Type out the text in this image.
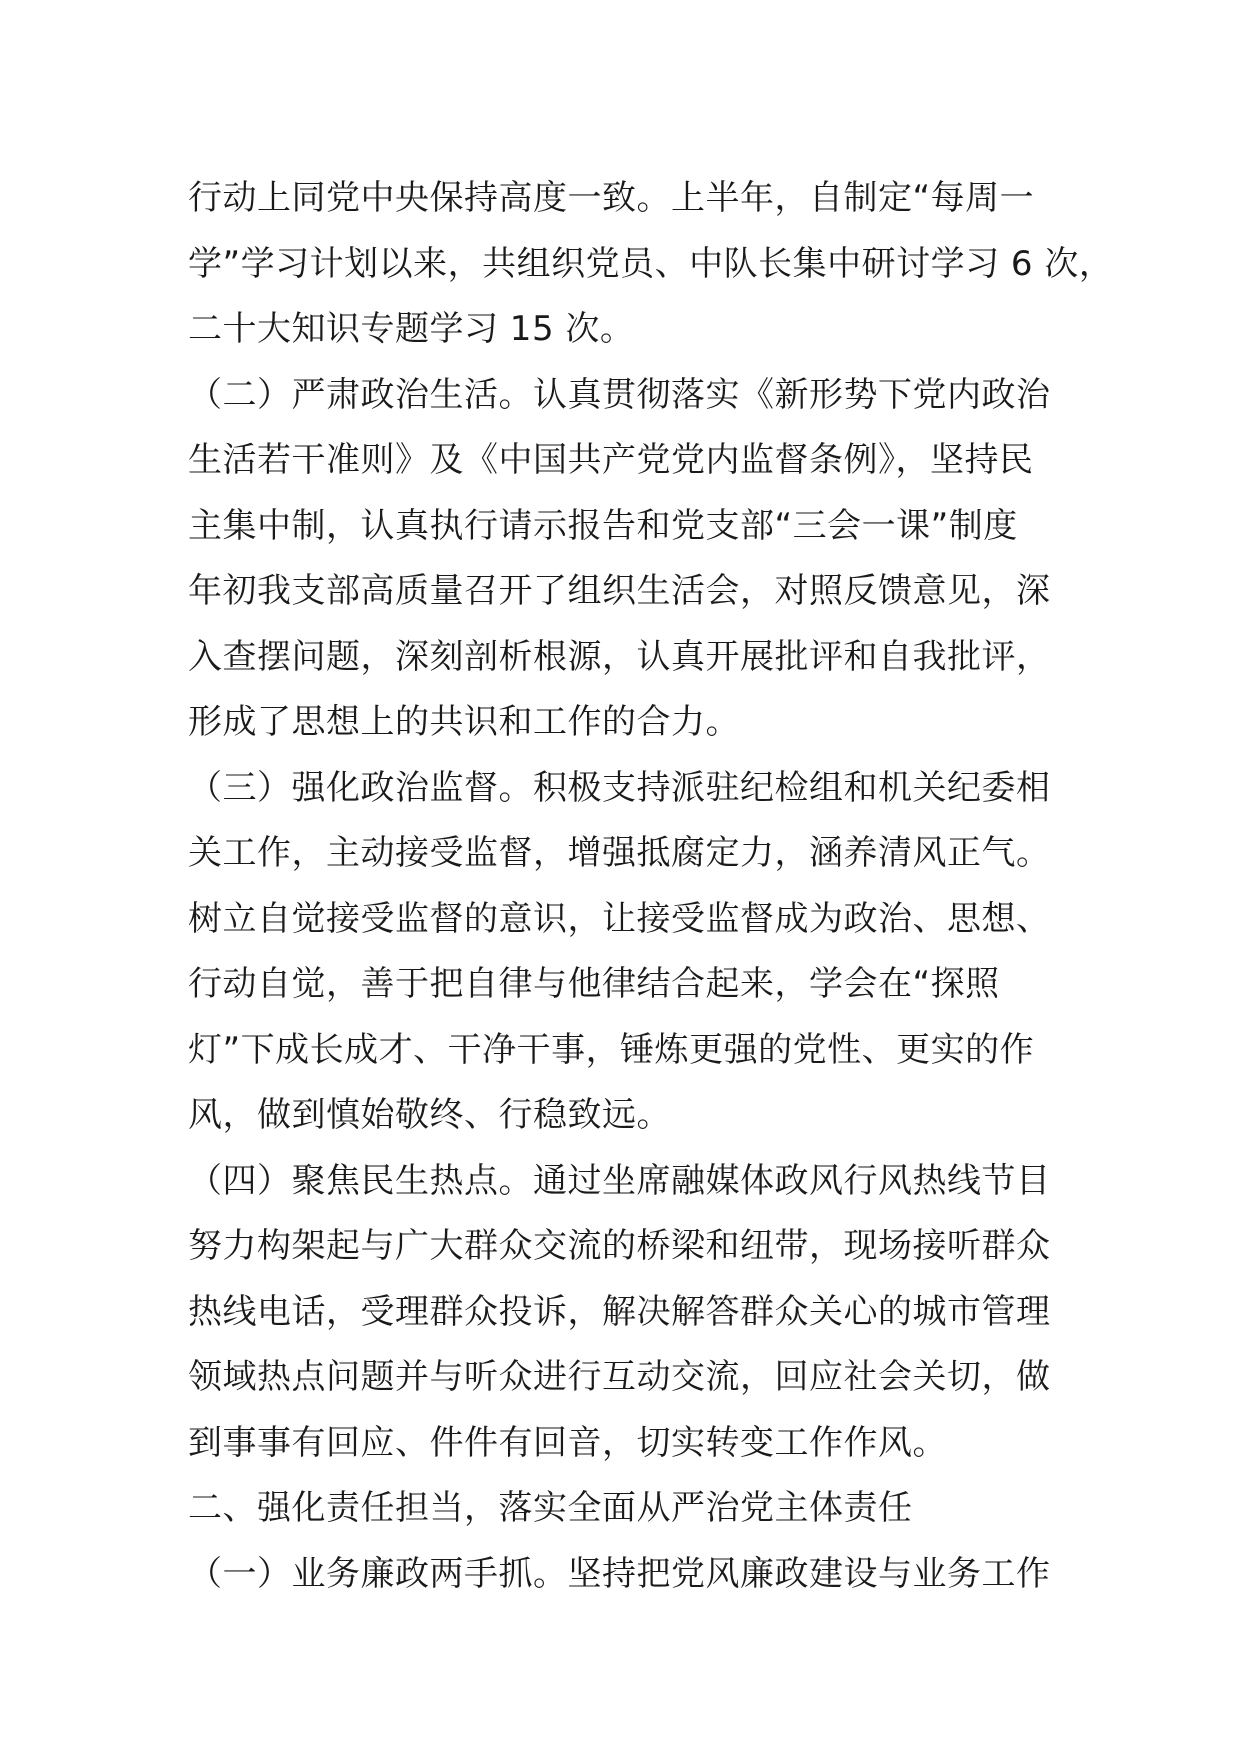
行动上同党中央保持高度一致。上半年，自制定“每周一
学”学习计划以来，共组织党员、中队长集中研讨学习 6 次，
二十大知识专题学习 15 次。
（二）严肃政治生活。认真贯彻落实《新形势下党内政治
生活若干准则》及《中国共产党党内监督条例》，坚持民
主集中制，认真执行请示报告和党支部“三会一课”制度
年初我支部高质量召开了组织生活会，对照反馈意见，深
入查摆问题，深刻剖析根源，认真开展批评和自我批评，
形成了思想上的共识和工作的合力。
（三）强化政治监督。积极支持派驻纪检组和机关纪委相
关工作，主动接受监督，增强抵腐定力，涵养清风正气。
树立自觉接受监督的意识，让接受监督成为政治、思想、
行动自觉，善于把自律与他律结合起来，学会在“探照
灯”下成长成才、干净干事，锤炼更强的党性、更实的作
风，做到慎始敬终、行稳致远。
（四）聚焦民生热点。通过坐席融媒体政风行风热线节目
努力构架起与广大群众交流的桥梁和纽带，现场接听群众
热线电话，受理群众投诉，解决解答群众关心的城市管理
领域热点问题并与听众进行互动交流，回应社会关切，做
到事事有回应、件件有回音，切实转变工作作风。
二、强化责任担当，落实全面从严治党主体责任
（一）业务廉政两手抓。坚持把党风廉政建设与业务工作
